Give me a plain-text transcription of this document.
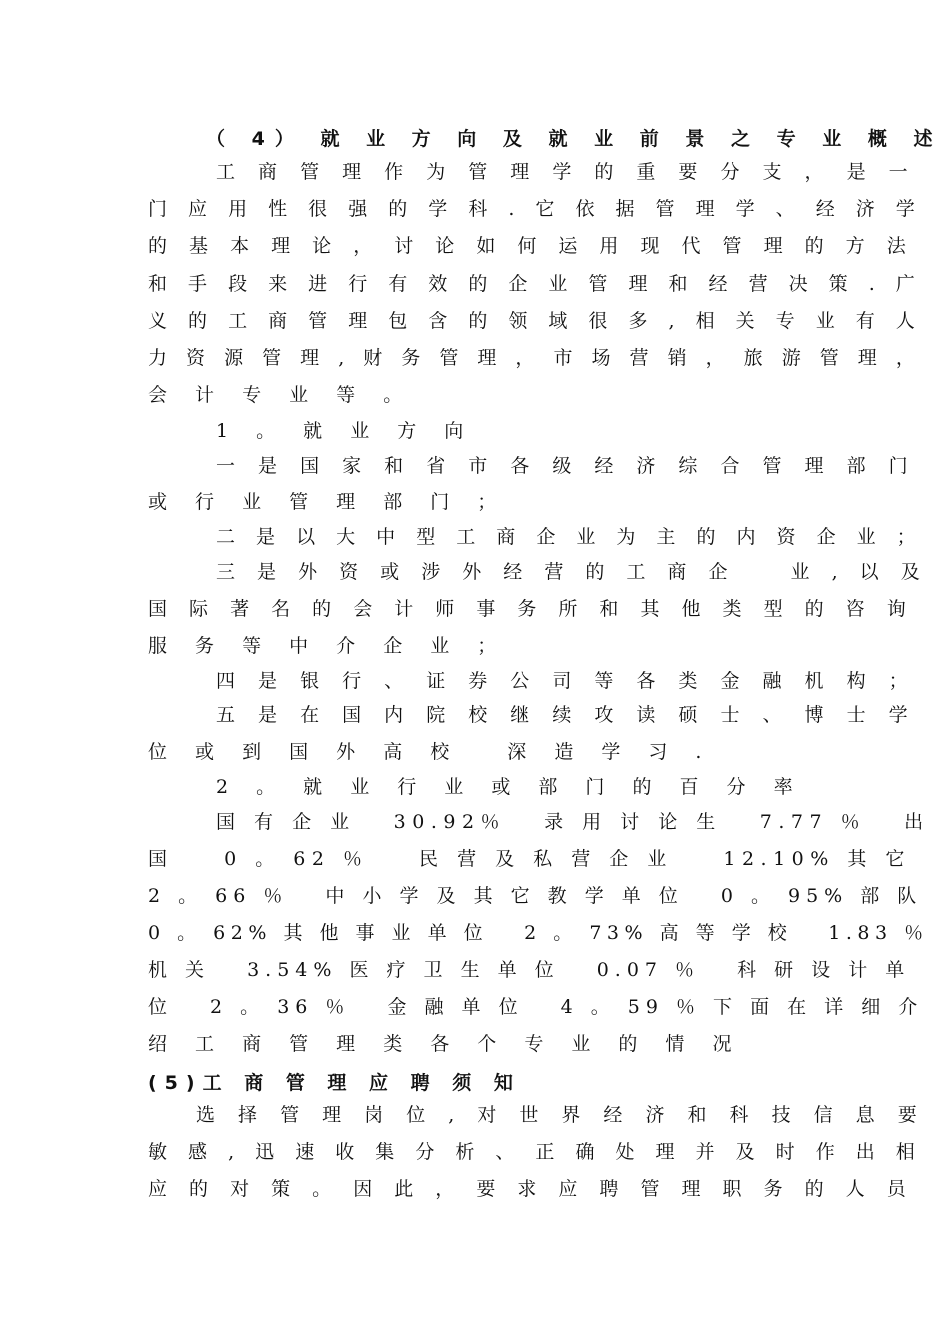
（ 4） 就 业 方 向 及 就 业 前 景 之 专 业 概 述
工 商 管 理 作 为 管 理 学 的 重 要 分 支 ， 是 一
门 应 用 性 很 强 的 学 科 . 它 依 据 管 理 学 、 经 济 学
的 基 本 理 论 ， 讨 论 如 何 运 用 现 代 管 理 的 方 法
和 手 段 来 进 行 有 效 的 企 业 管 理 和 经 营 决 策 . 广
义 的 工 商 管 理 包 含 的 领 域 很 多 , 相 关 专 业 有 人
力 资 源 管 理 , 财 务 管 理 ， 市 场 营 销 ， 旅 游 管 理 ，
会 计 专 业 等 。
1 。 就 业 方 向
一 是 国 家 和 省 市 各 级 经 济 综 合 管 理 部 门
或 行 业 管 理 部 门 ；
二 是 以 大 中 型 工 商 企 业 为 主 的 内 资 企 业 ；
三 是 外 资 或 涉 外 经 营 的 工 商 企 　 业 , 以 及
国 际 著 名 的 会 计 师 事 务 所 和 其 他 类 型 的 咨 询
服 务 等 中 介 企 业 ；
四 是 银 行 、 证 券 公 司 等 各 类 金 融 机 构 ；
五 是 在 国 内 院 校 继 续 攻 读 硕 士 、 博 士 学
位 或 到 国 外 高 校 　深 造 学 习 .
2 。 就 业 行 业 或 部 门 的 百 分 率
国 有 企 业 　30.92％ 　录 用 讨 论 生 　7.77 ％ 　出
国 　 0 。 62 ％ 　 民 营 及 私 营 企 业 　 12.10% 其 它
2 。 66 ％ 　中 小 学 及 其 它 教 学 单 位 　0 。 95% 部 队
0 。 62% 其 他 事 业 单 位 　2 。 73% 高 等 学 校 　1.83 ％
机 关 　3.54% 医 疗 卫 生 单 位 　0.07 ％ 　科 研 设 计 单
位 　2 。 36 ％ 　金 融 单 位 　4 。 59 ％ 下 面 在 详 细 介
绍 工 商 管 理 类 各 个 专 业 的 情 况
(5)工 商 管 理 应 聘 须 知
选 择 管 理 岗 位 , 对 世 界 经 济 和 科 技 信 息 要
敏 感 , 迅 速 收 集 分 析 、 正 确 处 理 并 及 时 作 出 相
应 的 对 策 。 因 此 ， 要 求 应 聘 管 理 职 务 的 人 员
